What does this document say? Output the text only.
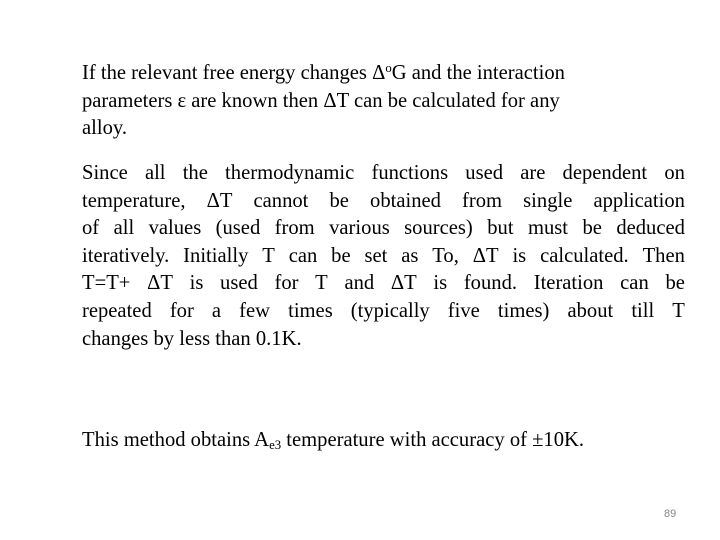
If the relevant free energy changes $\Delta^oG$ and the interaction
parameters ε are known then ΔT can be calculated for any
alloy.
Since all the thermodynamic functions used are dependent on
temperature, ΔT cannot be obtained from single application
of all values (used from various sources) but must be deduced
iteratively. Initially T can be set as To, ΔT is calculated. Then
T=T+ ΔT is used for T and ΔT is found. Iteration can be
repeated for a few times (typically five times) about till T
changes by less than 0.1K.
This method obtains $A_{e3}$ temperature with accuracy of ±10K.
89
